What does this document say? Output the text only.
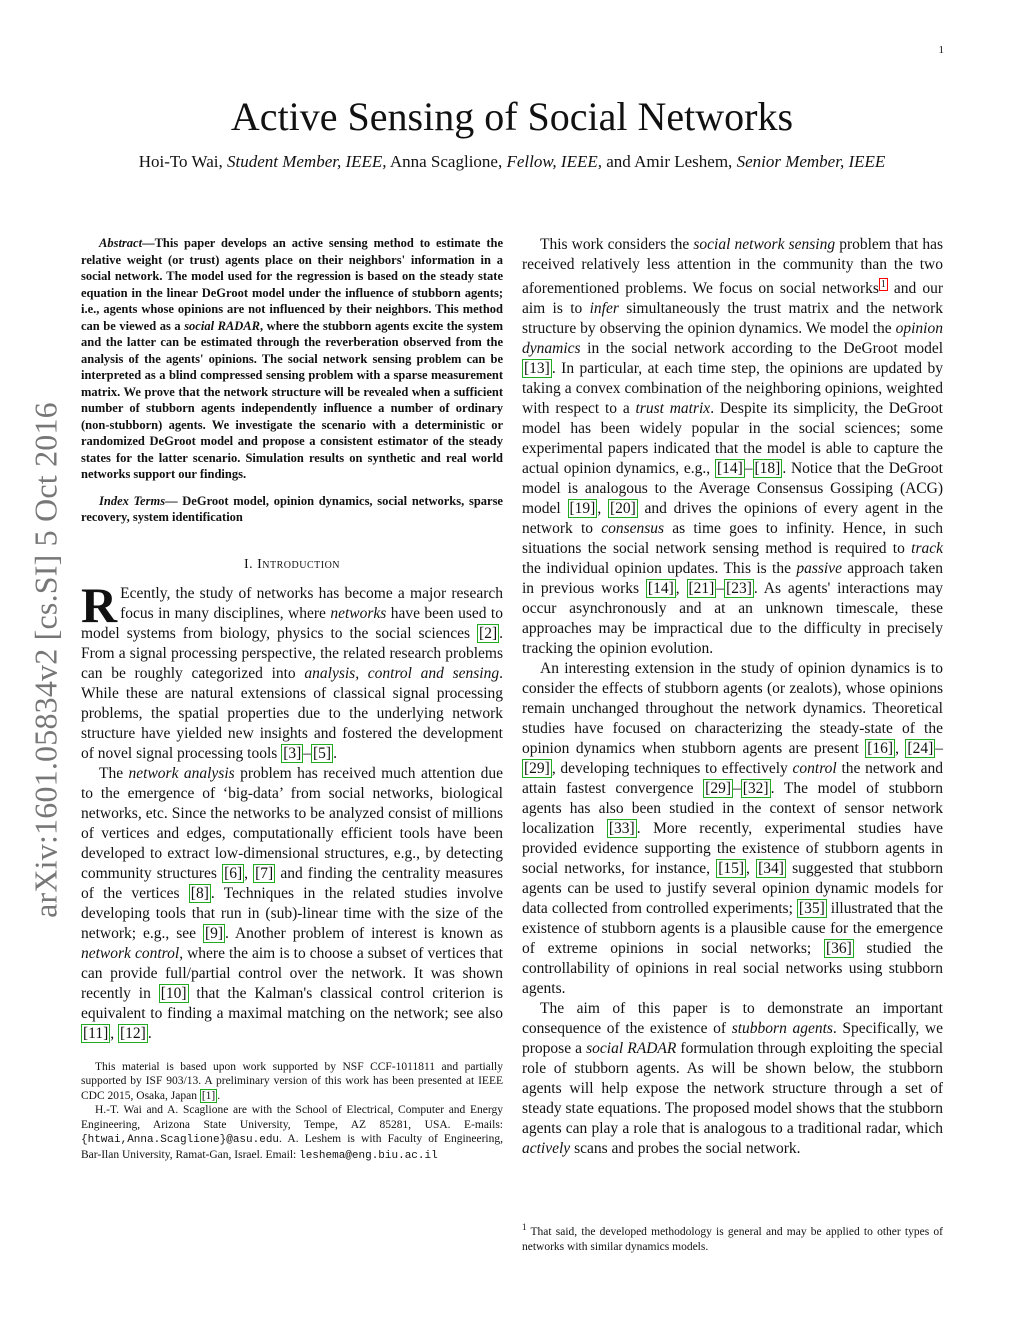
1
arXiv:1601.05834v2 [cs.SI] 5 Oct 2016
Active Sensing of Social Networks
Hoi-To Wai, Student Member, IEEE, Anna Scaglione, Fellow, IEEE, and Amir Leshem, Senior Member, IEEE

Abstract—This paper develops an active sensing method to estimate the relative weight (or trust) agents place on their neighbors' information in a social network. The model used for the regression is based on the steady state equation in the linear DeGroot model under the influence of stubborn agents; i.e., agents whose opinions are not influenced by their neighbors. This method can be viewed as a social RADAR, where the stubborn agents excite the system and the latter can be estimated through the reverberation observed from the analysis of the agents' opinions. The social network sensing problem can be interpreted as a blind compressed sensing problem with a sparse measurement matrix. We prove that the network structure will be revealed when a sufficient number of stubborn agents independently influence a number of ordinary (non-stubborn) agents. We investigate the scenario with a deterministic or randomized DeGroot model and propose a consistent estimator of the steady states for the latter scenario. Simulation results on synthetic and real world networks support our findings.

Index Terms— DeGroot model, opinion dynamics, social networks, sparse recovery, system identification

I. Introduction

R Ecently, the study of networks has become a major research focus in many disciplines, where networks have been used to model systems from biology, physics to the social sciences [2] . From a signal processing perspective, the related research problems can be roughly categorized into analysis, control and sensing. While these are natural extensions of classical signal processing problems, the spatial properties due to the underlying network structure have yielded new insights and fostered the development of novel signal processing tools [3] – [5] .

The network analysis problem has received much attention due to the emergence of ‘big-data’ from social networks, biological networks, etc. Since the networks to be analyzed consist of millions of vertices and edges, computationally efficient tools have been developed to extract low-dimensional structures, e.g., by detecting community structures [6] , [7] and finding the centrality measures of the vertices [8] . Techniques in the related studies involve developing tools that run in (sub)-linear time with the size of the network; e.g., see [9] . Another problem of interest is known as network control, where the aim is to choose a subset of vertices that can provide full/partial control over the network. It was shown recently in [10] that the Kalman's classical control criterion is equivalent to finding a maximal matching on the network; see also [11] , [12] .

This material is based upon work supported by NSF CCF-1011811 and partially supported by ISF 903/13. A preliminary version of this work has been presented at IEEE CDC 2015, Osaka, Japan [1] .

H.-T. Wai and A. Scaglione are with the School of Electrical, Computer and Energy Engineering, Arizona State University, Tempe, AZ 85281, USA. E-mails: {htwai,Anna.Scaglione}@asu.edu. A. Leshem is with Faculty of Engineering, Bar-Ilan University, Ramat-Gan, Israel. Email: leshema@eng.biu.ac.il

This work considers the social network sensing problem that has received relatively less attention in the community than the two aforementioned problems. We focus on social networks $^1$ and our aim is to infer simultaneously the trust matrix and the network structure by observing the opinion dynamics. We model the opinion dynamics in the social network according to the DeGroot model [13] . In particular, at each time step, the opinions are updated by taking a convex combination of the neighboring opinions, weighted with respect to a trust matrix. Despite its simplicity, the DeGroot model has been widely popular in the social sciences; some experimental papers indicated that the model is able to capture the actual opinion dynamics, e.g., [14] – [18] . Notice that the DeGroot model is analogous to the Average Consensus Gossiping (ACG) model [19] , [20] and drives the opinions of every agent in the network to consensus as time goes to infinity. Hence, in such situations the social network sensing method is required to track the individual opinion updates. This is the passive approach taken in previous works [14] , [21] – [23] . As agents' interactions may occur asynchronously and at an unknown timescale, these approaches may be impractical due to the difficulty in precisely tracking the opinion evolution.

An interesting extension in the study of opinion dynamics is to consider the effects of stubborn agents (or zealots), whose opinions remain unchanged throughout the network dynamics. Theoretical studies have focused on characterizing the steady-state of the opinion dynamics when stubborn agents are present [16] , [24] –[29] , developing techniques to effectively control the network and attain fastest convergence [29] – [32] . The model of stubborn agents has also been studied in the context of sensor network localization [33] . More recently, experimental studies have provided evidence supporting the existence of stubborn agents in social networks, for instance, [15] , [34] suggested that stubborn agents can be used to justify several opinion dynamic models for data collected from controlled experiments; [35] illustrated that the existence of stubborn agents is a plausible cause for the emergence of extreme opinions in social networks; [36] studied the controllability of opinions in real social networks using stubborn agents.

The aim of this paper is to demonstrate an important consequence of the existence of stubborn agents. Specifically, we propose a social RADAR formulation through exploiting the special role of stubborn agents. As will be shown below, the stubborn agents will help expose the network structure through a set of steady state equations. The proposed model shows that the stubborn agents can play a role that is analogous to a traditional radar, which actively scans and probes the social network.

$^1$ That said, the developed methodology is general and may be applied to other types of networks with similar dynamics models.
